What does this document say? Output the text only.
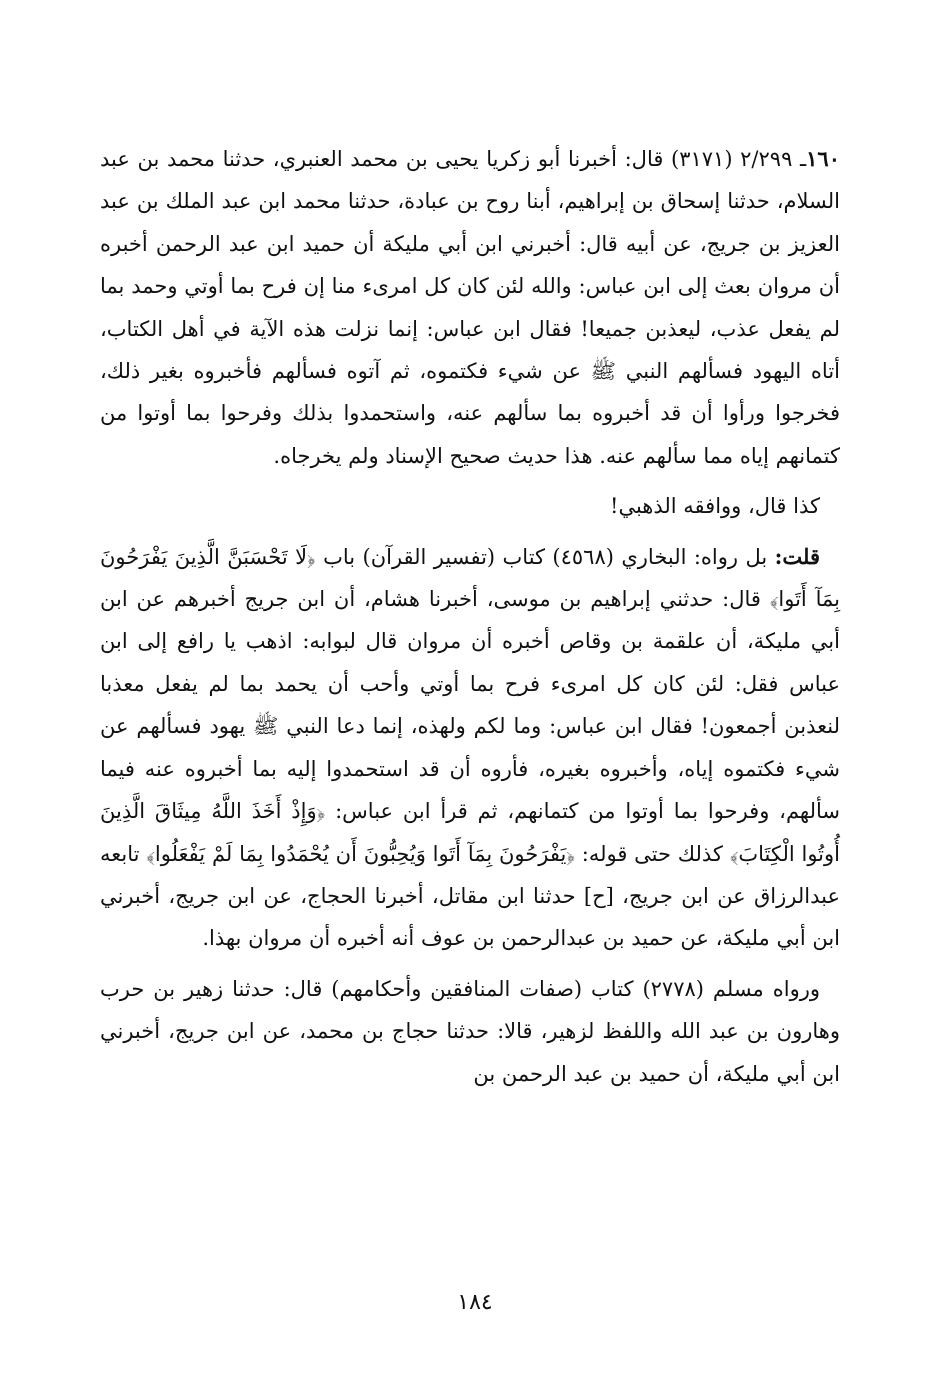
١٦٠ـ ٢/٢٩٩ (٣١٧١) قال: أخبرنا أبو زكريا يحيى بن محمد العنبري، حدثنا محمد بن عبد السلام، حدثنا إسحاق بن إبراهيم، أبنا روح بن عبادة، حدثنا محمد ابن عبد الملك بن عبد العزيز بن جريج، عن أبيه قال: أخبرني ابن أبي مليكة أن حميد ابن عبد الرحمن أخبره أن مروان بعث إلى ابن عباس: والله لئن كان كل امرىء منا إن فرح بما أوتي وحمد بما لم يفعل عذب، ليعذبن جميعا! فقال ابن عباس: إنما نزلت هذه الآية في أهل الكتاب، أتاه اليهود فسألهم النبي ﷺ عن شيء فكتموه، ثم آتوه فسألهم فأخبروه بغير ذلك، فخرجوا ورأوا أن قد أخبروه بما سألهم عنه، واستحمدوا بذلك وفرحوا بما أوتوا من كتمانهم إياه مما سألهم عنه. هذا حديث صحيح الإسناد ولم يخرجاه.

كذا قال، ووافقه الذهبي!

قلت: بل رواه: البخاري (٤٥٦٨) كتاب (تفسير القرآن) باب ﴿لَا تَحْسَبَنَّ الَّذِينَ يَفْرَحُونَ بِمَآ أَتَوا﴾ قال: حدثني إبراهيم بن موسى، أخبرنا هشام، أن ابن جريج أخبرهم عن ابن أبي مليكة، أن علقمة بن وقاص أخبره أن مروان قال لبوابه: اذهب يا رافع إلى ابن عباس فقل: لئن كان كل امرىء فرح بما أوتي وأحب أن يحمد بما لم يفعل معذبا لنعذبن أجمعون! فقال ابن عباس: وما لكم ولهذه، إنما دعا النبي ﷺ يهود فسألهم عن شيء فكتموه إياه، وأخبروه بغيره، فأروه أن قد استحمدوا إليه بما أخبروه عنه فيما سألهم، وفرحوا بما أوتوا من كتمانهم، ثم قرأ ابن عباس: ﴿وَإِذْ أَخَذَ اللَّهُ مِيثَاقَ الَّذِينَ أُوتُوا الْكِتَابَ﴾ كذلك حتى قوله: ﴿يَفْرَحُونَ بِمَآ أَتَوا وَيُحِبُّونَ أَن يُحْمَدُوا بِمَا لَمْ يَفْعَلُوا﴾ تابعه عبدالرزاق عن ابن جريج، [ح] حدثنا ابن مقاتل، أخبرنا الحجاج، عن ابن جريج، أخبرني ابن أبي مليكة، عن حميد بن عبدالرحمن بن عوف أنه أخبره أن مروان بهذا.

ورواه مسلم (٢٧٧٨) كتاب (صفات المنافقين وأحكامهم) قال: حدثنا زهير بن حرب وهارون بن عبد الله واللفظ لزهير، قالا: حدثنا حجاج بن محمد، عن ابن جريج، أخبرني ابن أبي مليكة، أن حميد بن عبد الرحمن بن

١٨٤
